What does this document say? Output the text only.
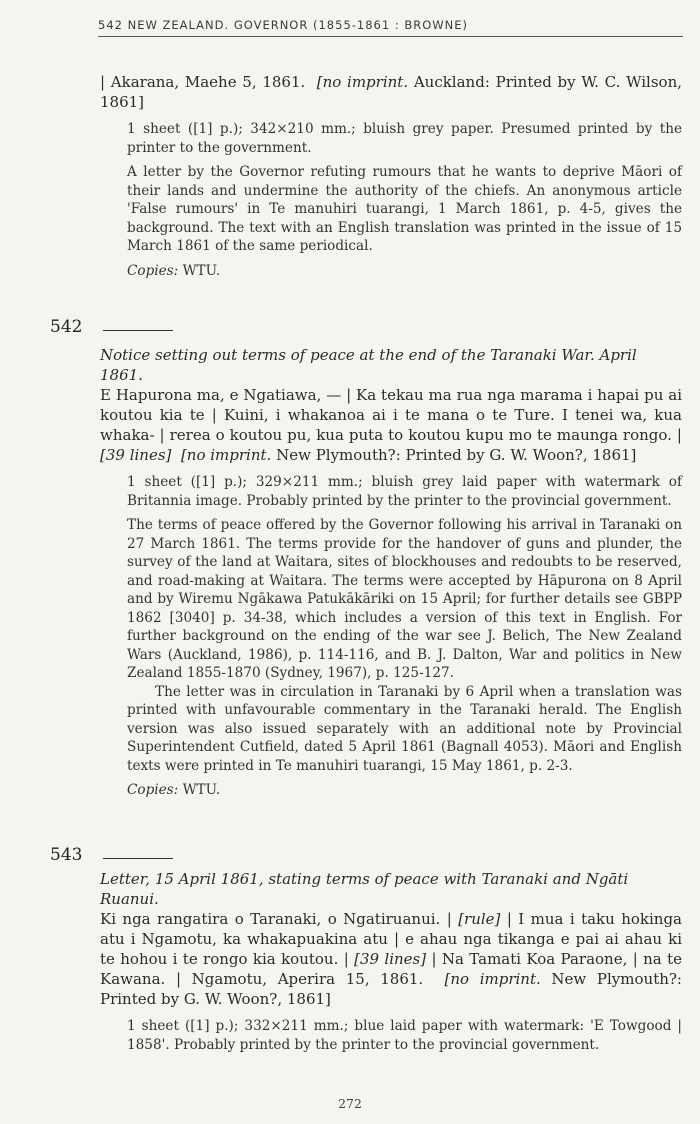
542 NEW ZEALAND. GOVERNOR (1855-1861 : BROWNE)

| Akarana, Maehe 5, 1861. [no imprint. Auckland: Printed by W. C. Wilson, 1861]

1 sheet ([1] p.); 342×210 mm.; bluish grey paper. Presumed printed by the printer to the government.

A letter by the Governor refuting rumours that he wants to deprive Māori of their lands and undermine the authority of the chiefs. An anonymous article 'False rumours' in Te manuhiri tuarangi, 1 March 1861, p. 4-5, gives the background. The text with an English translation was printed in the issue of 15 March 1861 of the same periodical.

Copies: WTU.

542

Notice setting out terms of peace at the end of the Taranaki War. April 1861.

E Hapurona ma, e Ngatiawa, — | Ka tekau ma rua nga marama i hapai pu ai koutou kia te | Kuini, i whakanoa ai i te mana o te Ture. I tenei wa, kua whaka- | rerea o koutou pu, kua puta to koutou kupu mo te maunga rongo. | [39 lines] [no imprint. New Plymouth?: Printed by G. W. Woon?, 1861]

1 sheet ([1] p.); 329×211 mm.; bluish grey laid paper with watermark of Britannia image. Probably printed by the printer to the provincial government.

The terms of peace offered by the Governor following his arrival in Taranaki on 27 March 1861. The terms provide for the handover of guns and plunder, the survey of the land at Waitara, sites of blockhouses and redoubts to be reserved, and road-making at Waitara. The terms were accepted by Hāpurona on 8 April and by Wiremu Ngākawa Patukākāriki on 15 April; for further details see GBPP 1862 [3040] p. 34-38, which includes a version of this text in English. For further background on the ending of the war see J. Belich, The New Zealand Wars (Auckland, 1986), p. 114-116, and B. J. Dalton, War and politics in New Zealand 1855-1870 (Sydney, 1967), p. 125-127.

The letter was in circulation in Taranaki by 6 April when a translation was printed with unfavourable commentary in the Taranaki herald. The English version was also issued separately with an additional note by Provincial Superintendent Cutfield, dated 5 April 1861 (Bagnall 4053). Māori and English texts were printed in Te manuhiri tuarangi, 15 May 1861, p. 2-3.

Copies: WTU.

543

Letter, 15 April 1861, stating terms of peace with Taranaki and Ngāti Ruanui.

Ki nga rangatira o Taranaki, o Ngatiruanui. | [rule] | I mua i taku hokinga atu i Ngamotu, ka whakapuakina atu | e ahau nga tikanga e pai ai ahau ki te hohou i te rongo kia koutou. | [39 lines] | Na Tamati Koa Paraone, | na te Kawana. | Ngamotu, Aperira 15, 1861. [no imprint. New Plymouth?: Printed by G. W. Woon?, 1861]

1 sheet ([1] p.); 332×211 mm.; blue laid paper with watermark: 'E Towgood | 1858'. Probably printed by the printer to the provincial government.

272
